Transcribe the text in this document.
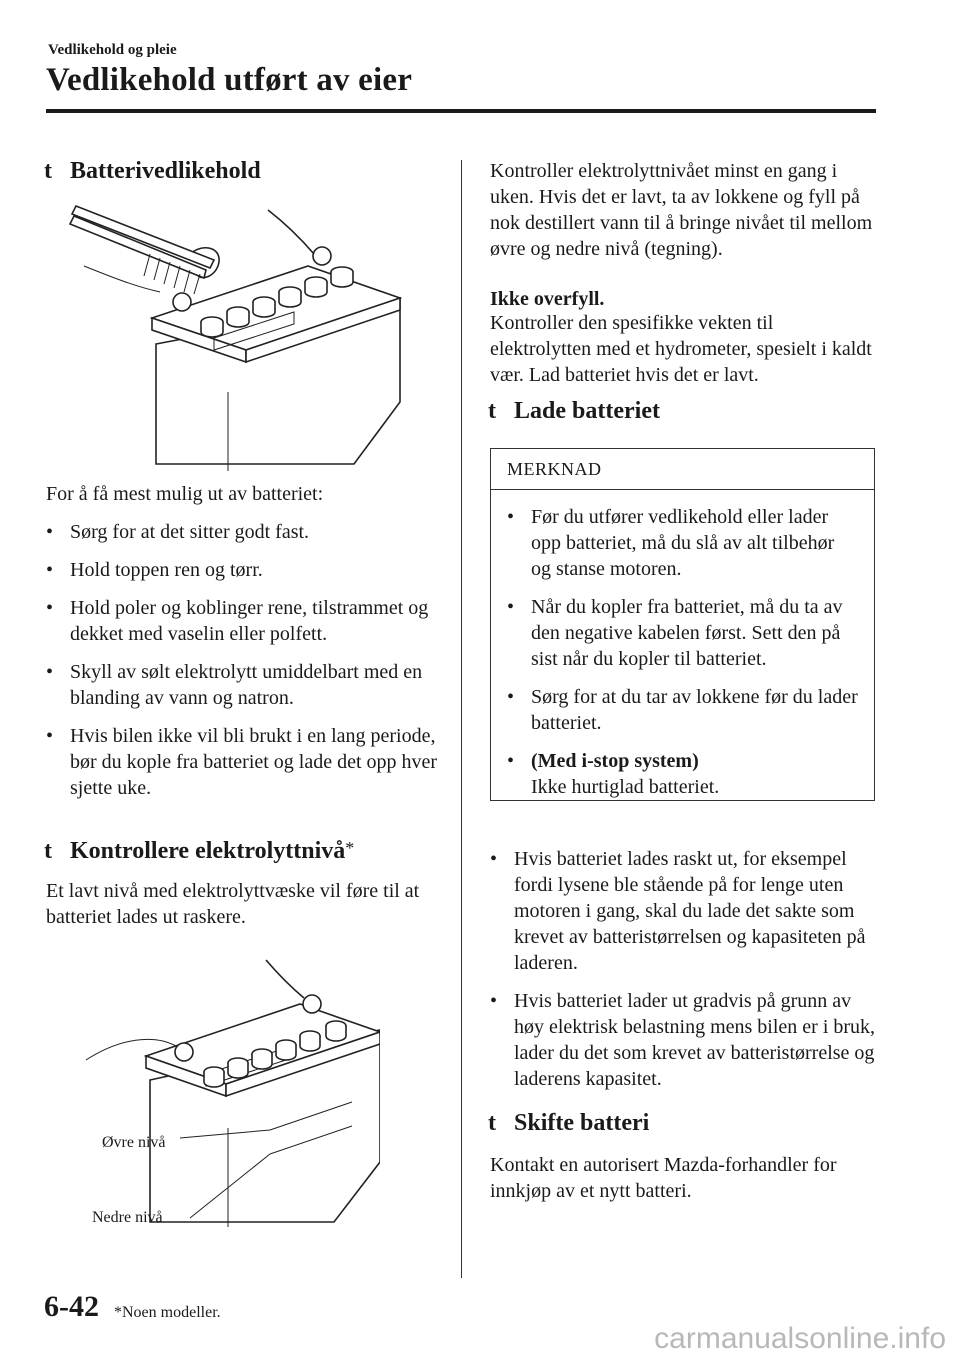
Vedlikehold og pleie
Vedlikehold utført av eier
t Batterivedlikehold
For å få mest mulig ut av batteriet:
• Sørg for at det sitter godt fast.
• Hold toppen ren og tørr.
• Hold poler og koblinger rene, tilstrammet og dekket med vaselin eller polfett.
• Skyll av sølt elektrolytt umiddelbart med en blanding av vann og natron.
• Hvis bilen ikke vil bli brukt i en lang periode, bør du kople fra batteriet og lade det opp hver sjette uke.
t Kontrollere elektrolyttnivå*
Et lavt nivå med elektrolyttvæske vil føre til at batteriet lades ut raskere.
Øvre nivå
Nedre nivå
Kontroller elektrolyttnivået minst en gang i uken. Hvis det er lavt, ta av lokkene og fyll på nok destillert vann til å bringe nivået til mellom øvre og nedre nivå (tegning).
Ikke overfyll.
Kontroller den spesifikke vekten til elektrolytten med et hydrometer, spesielt i kaldt vær. Lad batteriet hvis det er lavt.
t Lade batteriet
MERKNAD
• Før du utfører vedlikehold eller lader opp batteriet, må du slå av alt tilbehør og stanse motoren.
• Når du kopler fra batteriet, må du ta av den negative kabelen først. Sett den på sist når du kopler til batteriet.
• Sørg for at du tar av lokkene før du lader batteriet.
• (Med i-stop system)
Ikke hurtiglad batteriet.
• Hvis batteriet lades raskt ut, for eksempel fordi lysene ble stående på for lenge uten motoren i gang, skal du lade det sakte som krevet av batteristørrelsen og kapasiteten på laderen.
• Hvis batteriet lader ut gradvis på grunn av høy elektrisk belastning mens bilen er i bruk, lader du det som krevet av batteristørrelse og laderens kapasitet.
t Skifte batteri
Kontakt en autorisert Mazda-forhandler for innkjøp av et nytt batteri.
6-42 *Noen modeller.
carmanualsonline.info
